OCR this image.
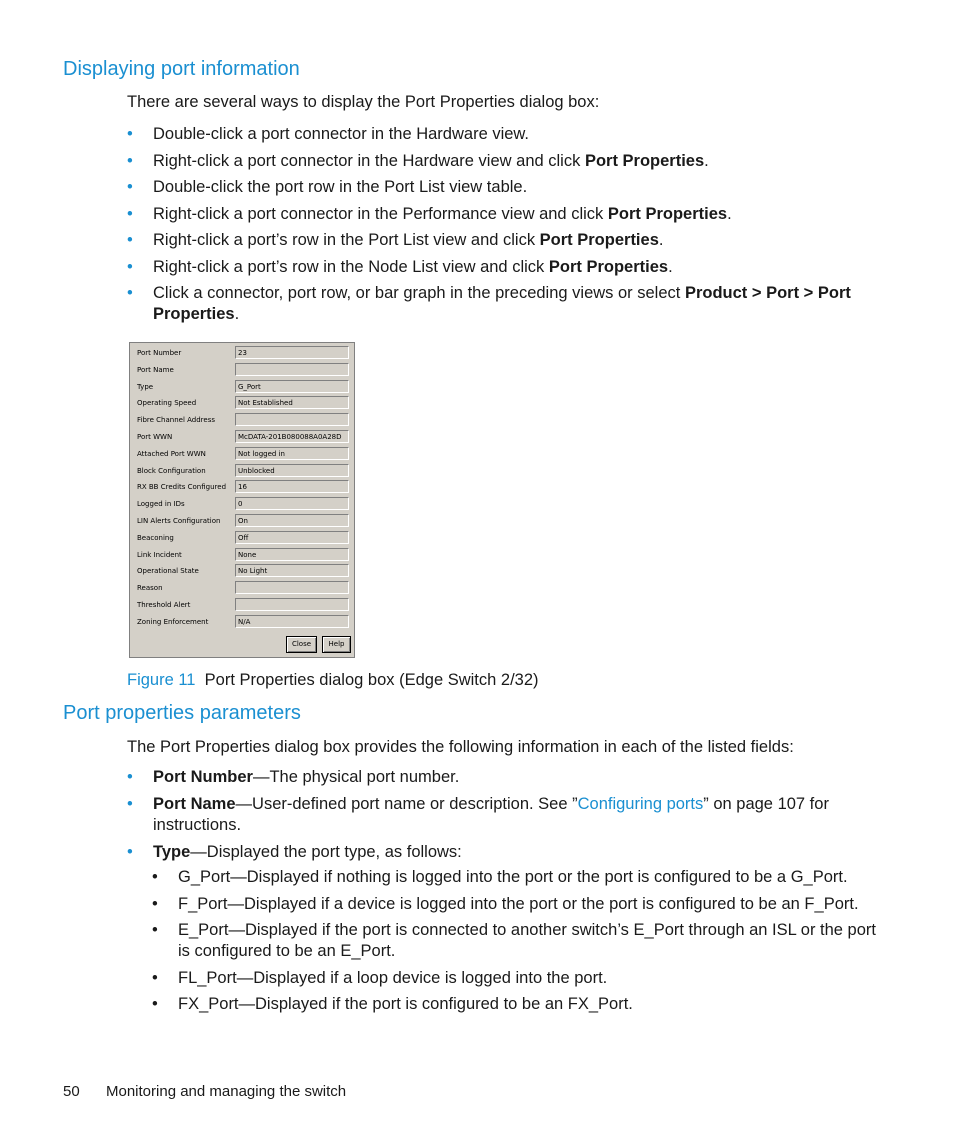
Displaying port information

There are several ways to display the Port Properties dialog box:

• Double-click a port connector in the Hardware view.
• Right-click a port connector in the Hardware view and click Port Properties.
• Double-click the port row in the Port List view table.
• Right-click a port connector in the Performance view and click Port Properties.
• Right-click a port’s row in the Port List view and click Port Properties.
• Right-click a port’s row in the Node List view and click Port Properties.
• Click a connector, port row, or bar graph in the preceding views or select Product > Port > Port Properties.
Close	Help
Port Number	23
Port Name
Type	G_Port
Operating Speed	Not Established
Fibre Channel Address
Port WWN	McDATA-201B080088A0A28D
Attached Port WWN	Not logged in
Block Configuration	Unblocked
RX BB Credits Configured	16
Logged in IDs	0
LIN Alerts Configuration	On
Beaconing	Off
Link Incident	None
Operational State	No Light
Reason
Threshold Alert
Zoning Enforcement	N/A

Figure 11 Port Properties dialog box (Edge Switch 2/32)

Port properties parameters

The Port Properties dialog box provides the following information in each of the listed fields:

• Port Number—The physical port number.
• Port Name—User-defined port name or description. See ”Configuring ports” on page 107 for instructions.
• Type—Displayed the port type, as follows:
• G_Port—Displayed if nothing is logged into the port or the port is configured to be a G_Port.
• F_Port—Displayed if a device is logged into the port or the port is configured to be an F_Port.
• E_Port—Displayed if the port is connected to another switch’s E_Port through an ISL or the port is configured to be an E_Port.
• FL_Port—Displayed if a loop device is logged into the port.
• FX_Port—Displayed if the port is configured to be an FX_Port.

50 Monitoring and managing the switch
